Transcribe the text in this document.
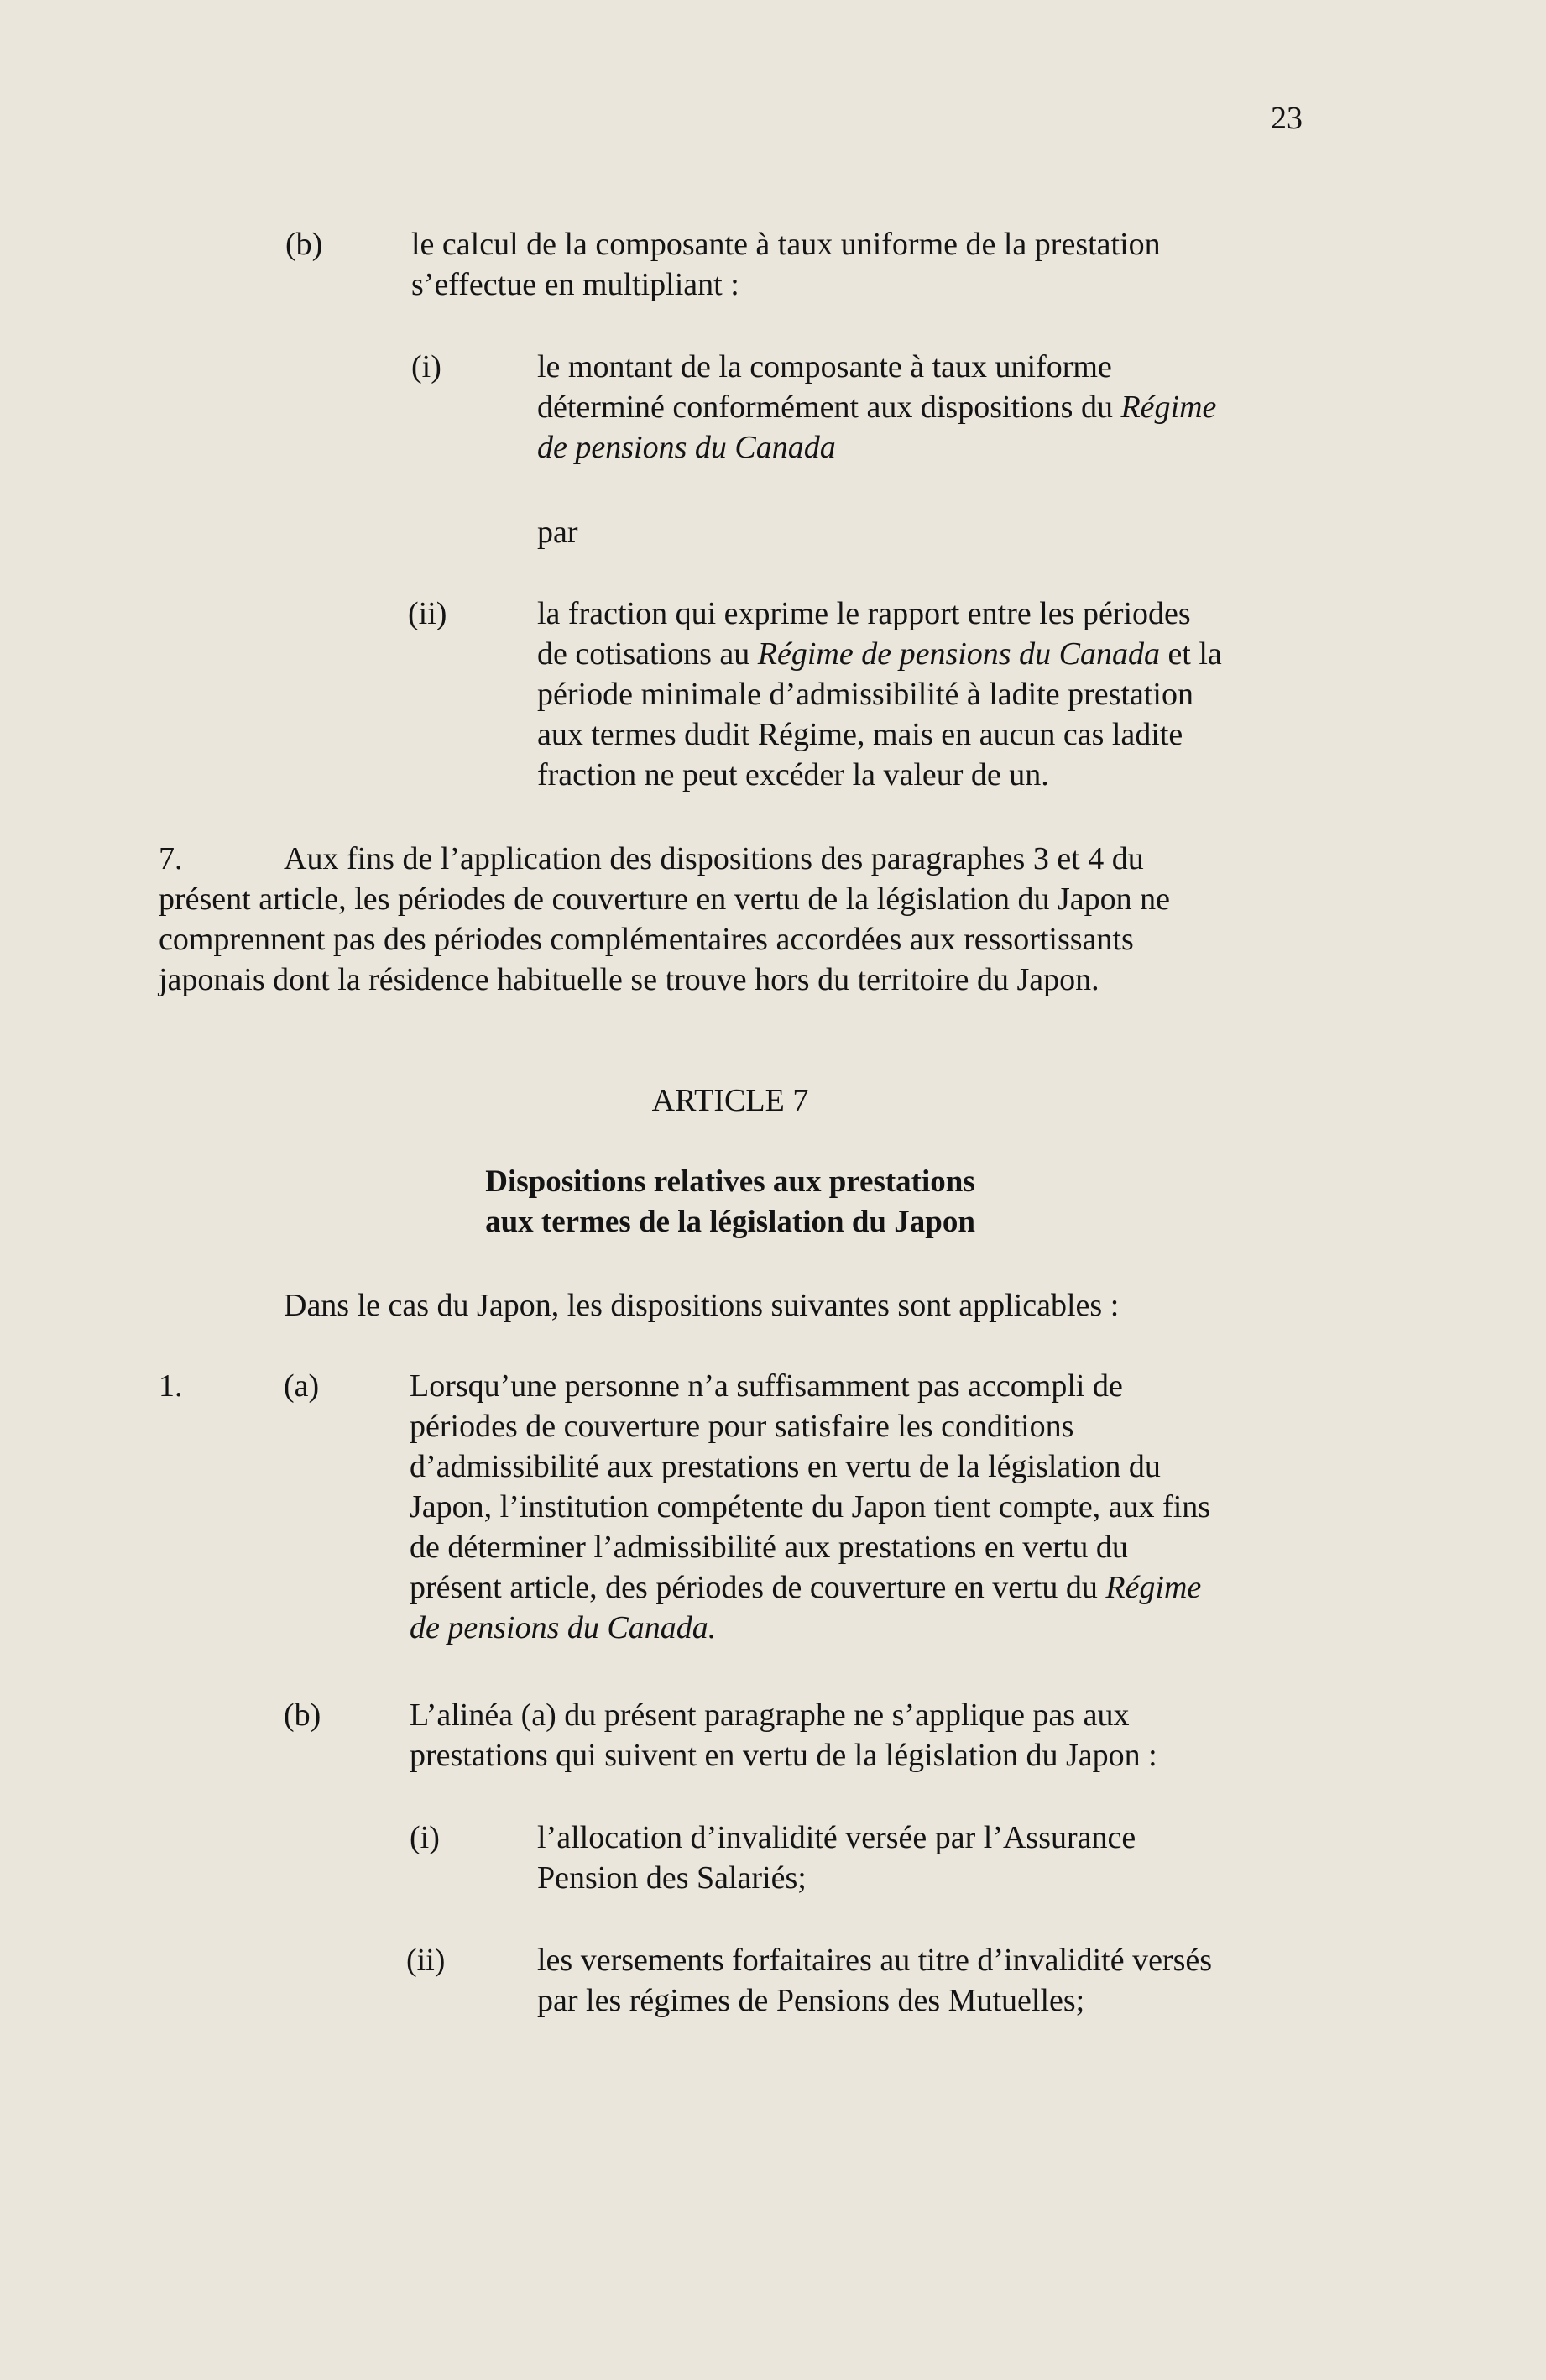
23
(b)	le calcul de la composante à taux uniforme de la prestation
s’effectue en multipliant :
(i)	le montant de la composante à taux uniforme
déterminé conformément aux dispositions du Régime
de pensions du Canada
par
(ii)	la fraction qui exprime le rapport entre les périodes
de cotisations au Régime de pensions du Canada et la
période minimale d’admissibilité à ladite prestation
aux termes dudit Régime, mais en aucun cas ladite
fraction ne peut excéder la valeur de un.
7.	Aux fins de l’application des dispositions des paragraphes 3 et 4 du
présent article, les périodes de couverture en vertu de la législation du Japon ne
comprennent pas des périodes complémentaires accordées aux ressortissants
japonais dont la résidence habituelle se trouve hors du territoire du Japon.
ARTICLE 7
Dispositions relatives aux prestations
aux termes de la législation du Japon
Dans le cas du Japon, les dispositions suivantes sont applicables :
1.	(a)	Lorsqu’une personne n’a suffisamment pas accompli de
périodes de couverture pour satisfaire les conditions
d’admissibilité aux prestations en vertu de la législation du
Japon, l’institution compétente du Japon tient compte, aux fins
de déterminer l’admissibilité aux prestations en vertu du
présent article, des périodes de couverture en vertu du Régime
de pensions du Canada.
(b)	L’alinéa (a) du présent paragraphe ne s’applique pas aux
prestations qui suivent en vertu de la législation du Japon :
(i)	l’allocation d’invalidité versée par l’Assurance
Pension des Salariés;
(ii)	les versements forfaitaires au titre d’invalidité versés
par les régimes de Pensions des Mutuelles;
